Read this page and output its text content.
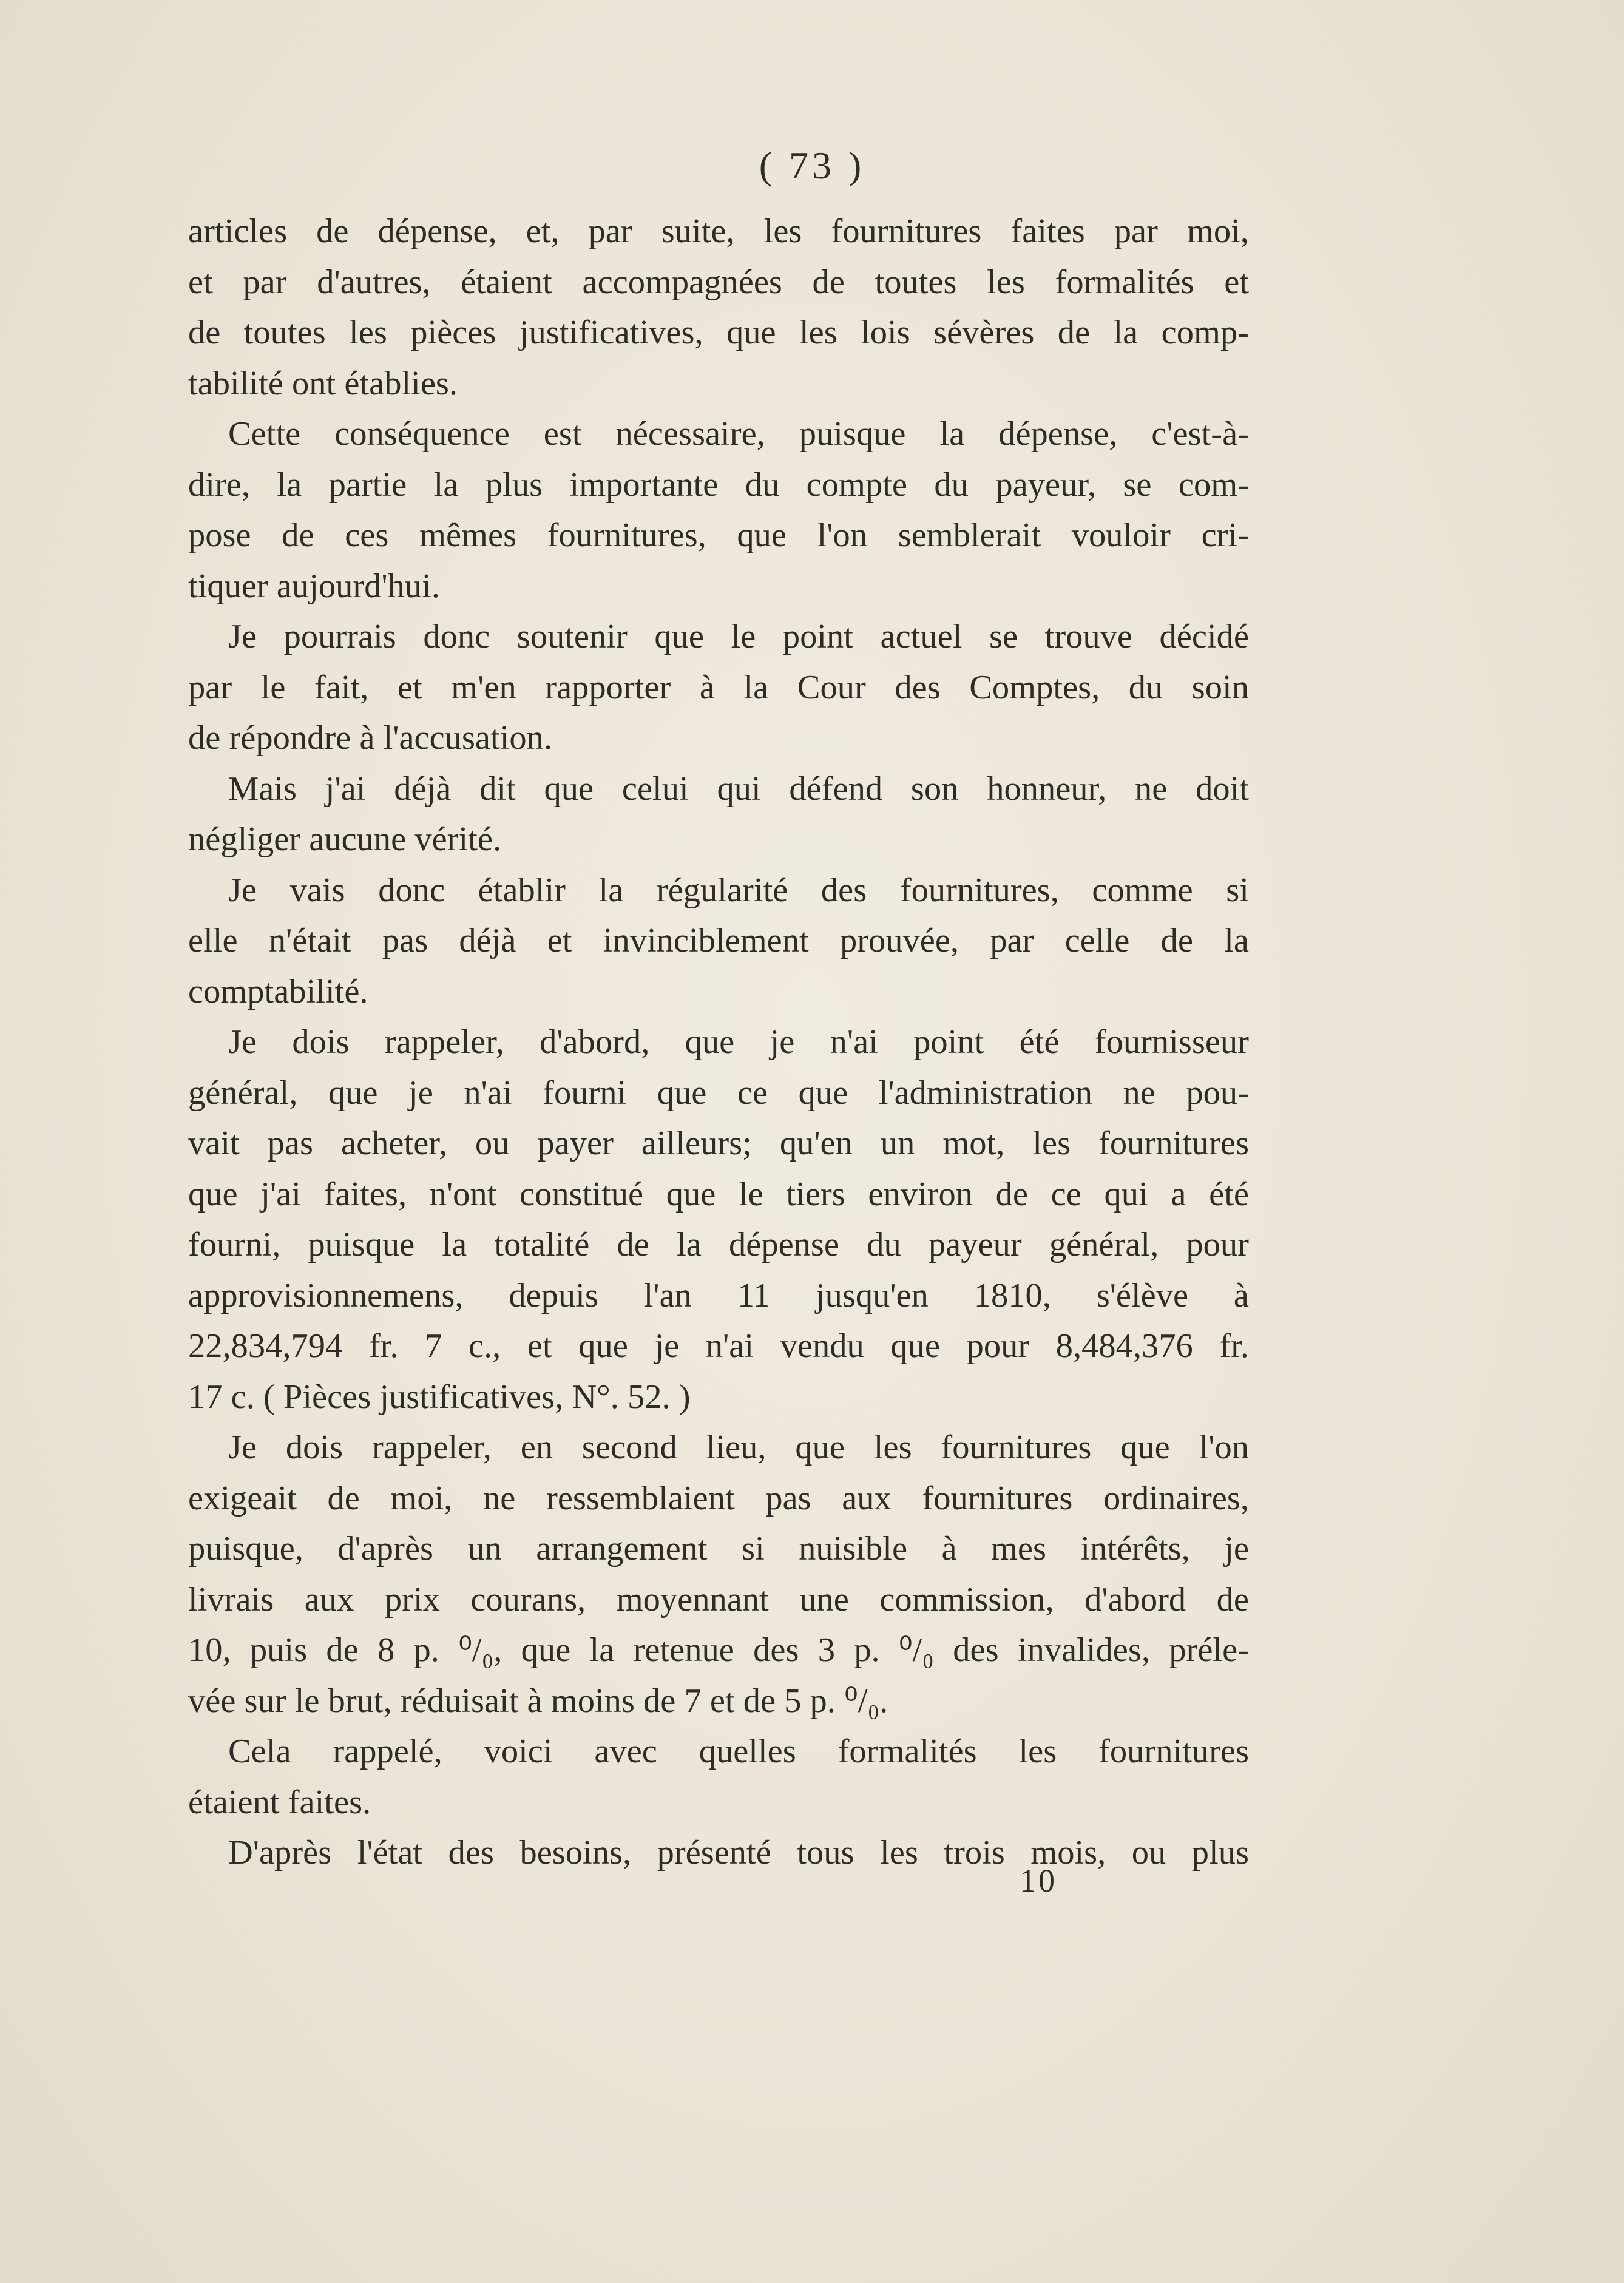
( 73 )
articles de dépense, et, par suite, les fournitures faites par moi,
et par d'autres, étaient accompagnées de toutes les formalités et
de toutes les pièces justificatives, que les lois sévères de la comp-
tabilité ont établies.
Cette conséquence est nécessaire, puisque la dépense, c'est-à-
dire, la partie la plus importante du compte du payeur, se com-
pose de ces mêmes fournitures, que l'on semblerait vouloir cri-
tiquer aujourd'hui.
Je pourrais donc soutenir que le point actuel se trouve décidé
par le fait, et m'en rapporter à la Cour des Comptes, du soin
de répondre à l'accusation.
Mais j'ai déjà dit que celui qui défend son honneur, ne doit
négliger aucune vérité.
Je vais donc établir la régularité des fournitures, comme si
elle n'était pas déjà et invinciblement prouvée, par celle de la
comptabilité.
Je dois rappeler, d'abord, que je n'ai point été fournisseur
général, que je n'ai fourni que ce que l'administration ne pou-
vait pas acheter, ou payer ailleurs; qu'en un mot, les fournitures
que j'ai faites, n'ont constitué que le tiers environ de ce qui a été
fourni, puisque la totalité de la dépense du payeur général, pour
approvisionnemens, depuis l'an 11 jusqu'en 1810, s'élève à
22,834,794 fr. 7 c., et que je n'ai vendu que pour 8,484,376 fr.
17 c. ( Pièces justificatives, N°. 52. )
Je dois rappeler, en second lieu, que les fournitures que l'on
exigeait de moi, ne ressemblaient pas aux fournitures ordinaires,
puisque, d'après un arrangement si nuisible à mes intérêts, je
livrais aux prix courans, moyennant une commission, d'abord de
10, puis de 8 p. ⁰/₀, que la retenue des 3 p. ⁰/₀ des invalides, préle-
vée sur le brut, réduisait à moins de 7 et de 5 p. ⁰/₀.
Cela rappelé, voici avec quelles formalités les fournitures
étaient faites.
D'après l'état des besoins, présenté tous les trois mois, ou plus
10
